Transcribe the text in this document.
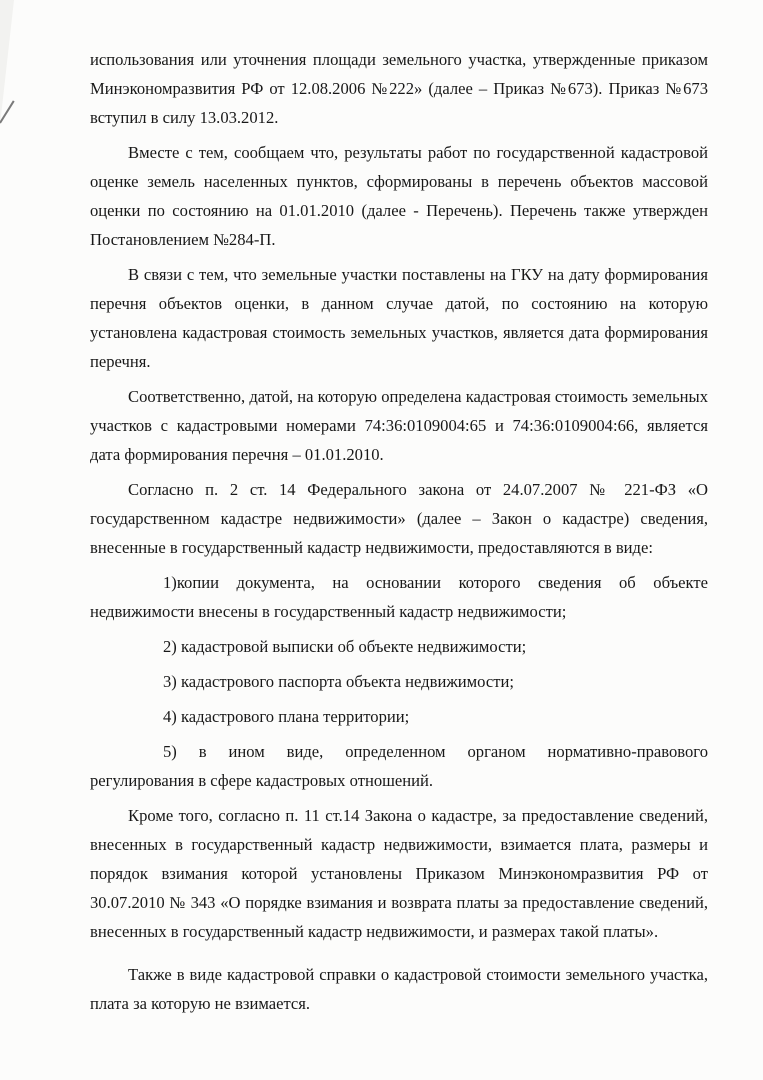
использования или уточнения площади земельного участка, утвержденные приказом Минэкономразвития РФ от 12.08.2006 №222» (далее – Приказ №673). Приказ №673 вступил в силу 13.03.2012.

Вместе с тем, сообщаем что, результаты работ по государственной кадастровой оценке земель населенных пунктов, сформированы в перечень объектов массовой оценки по состоянию на 01.01.2010 (далее - Перечень). Перечень также утвержден Постановлением №284-П.

В связи с тем, что земельные участки поставлены на ГКУ на дату формирования перечня объектов оценки, в данном случае датой, по состоянию на которую установлена кадастровая стоимость земельных участков, является дата формирования перечня.

Соответственно, датой, на которую определена кадастровая стоимость земельных участков с кадастровыми номерами 74:36:0109004:65 и 74:36:0109004:66, является дата формирования перечня – 01.01.2010.

Согласно п. 2 ст. 14 Федерального закона от 24.07.2007 № 221-ФЗ «О государственном кадастре недвижимости» (далее – Закон о кадастре) сведения, внесенные в государственный кадастр недвижимости, предоставляются в виде:

1)копии документа, на основании которого сведения об объекте недвижимости внесены в государственный кадастр недвижимости;

2) кадастровой выписки об объекте недвижимости;

3) кадастрового паспорта объекта недвижимости;

4) кадастрового плана территории;

5) в ином виде, определенном органом нормативно-правового регулирования в сфере кадастровых отношений.

Кроме того, согласно п. 11 ст.14 Закона о кадастре, за предоставление сведений, внесенных в государственный кадастр недвижимости, взимается плата, размеры и порядок взимания которой установлены Приказом Минэкономразвития РФ от 30.07.2010 № 343 «О порядке взимания и возврата платы за предоставление сведений, внесенных в государственный кадастр недвижимости, и размерах такой платы».

Также в виде кадастровой справки о кадастровой стоимости земельного участка, плата за которую не взимается.
